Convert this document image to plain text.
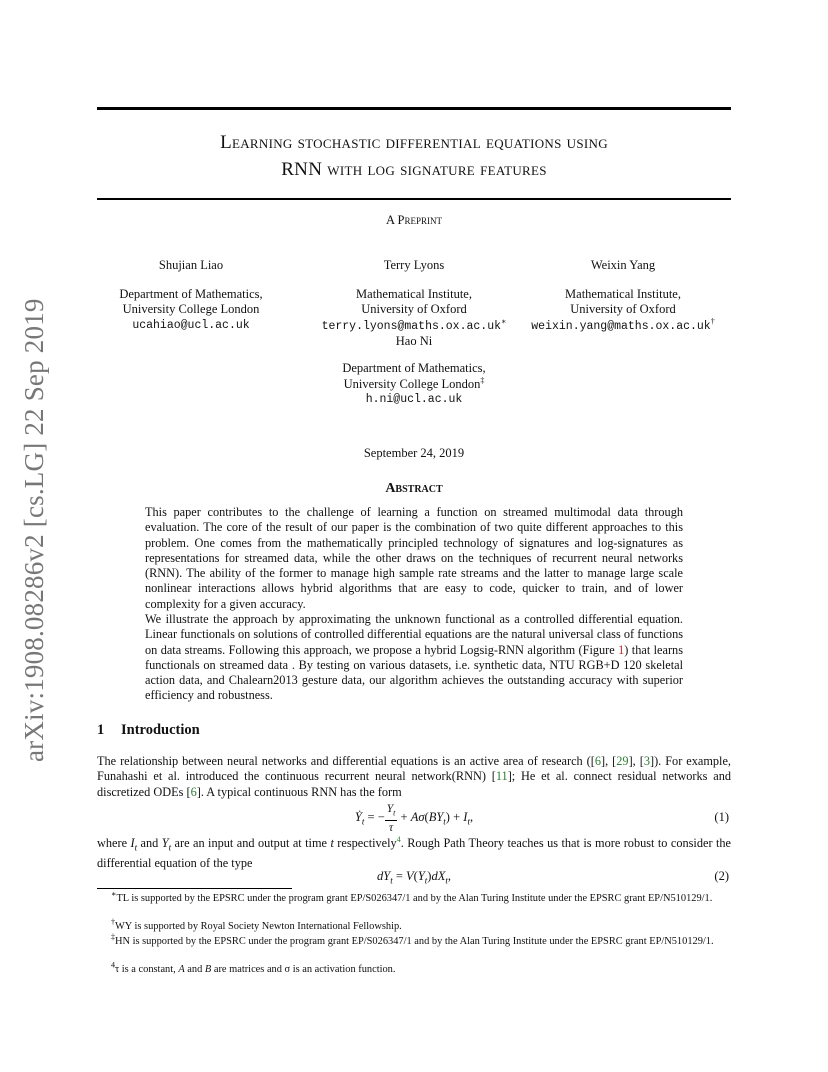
arXiv:1908.08286v2 [cs.LG] 22 Sep 2019
Learning stochastic differential equations using
RNN with log signature features
A Preprint
Shujian Liao
Department of Mathematics,
University College London
ucahiao@ucl.ac.uk
Terry Lyons
Mathematical Institute,
University of Oxford
terry.lyons@maths.ox.ac.uk∗
Hao Ni
Weixin Yang
Mathematical Institute,
University of Oxford
weixin.yang@maths.ox.ac.uk†
Department of Mathematics,
University College London‡
h.ni@ucl.ac.uk
September 24, 2019
Abstract

This paper contributes to the challenge of learning a function on streamed multimodal data through evaluation. The core of the result of our paper is the combination of two quite different approaches to this problem. One comes from the mathematically principled technology of signatures and log-signatures as representations for streamed data, while the other draws on the techniques of recurrent neural networks (RNN). The ability of the former to manage high sample rate streams and the latter to manage large scale nonlinear interactions allows hybrid algorithms that are easy to code, quicker to train, and of lower complexity for a given accuracy.

We illustrate the approach by approximating the unknown functional as a controlled differential equation. Linear functionals on solutions of controlled differential equations are the natural universal class of functions on data streams. Following this approach, we propose a hybrid Logsig-RNN algorithm (Figure 1) that learns functionals on streamed data . By testing on various datasets, i.e. synthetic data, NTU RGB+D 120 skeletal action data, and Chalearn2013 gesture data, our algorithm achieves the outstanding accuracy with superior efficiency and robustness.

1 Introduction

The relationship between neural networks and differential equations is an active area of research ([6], [29], [3]). For example, Funahashi et al. introduced the continuous recurrent neural network(RNN) [11]; He et al. connect residual networks and discretized ODEs [6]. A typical continuous RNN has the form

Ẏ$_t$ = − $\frac{Y_t}{\tau} + A\sigma(BY_t) + I_t$,	(1)

where $I_t$ and $Y_t$ are an input and output at time t respectively$^4$. Rough Path Theory teaches us that is more robust to consider the differential equation of the type

$dY_t = V(Y_t)dX_t$,	(2)

∗TL is supported by the EPSRC under the program grant EP/S026347/1 and by the Alan Turing Institute under the EPSRC grant EP/N510129/1.

†WY is supported by Royal Society Newton International Fellowship.

‡HN is supported by the EPSRC under the program grant EP/S026347/1 and by the Alan Turing Institute under the EPSRC grant EP/N510129/1.

$^4$τ is a constant, A and B are matrices and σ is an activation function.
